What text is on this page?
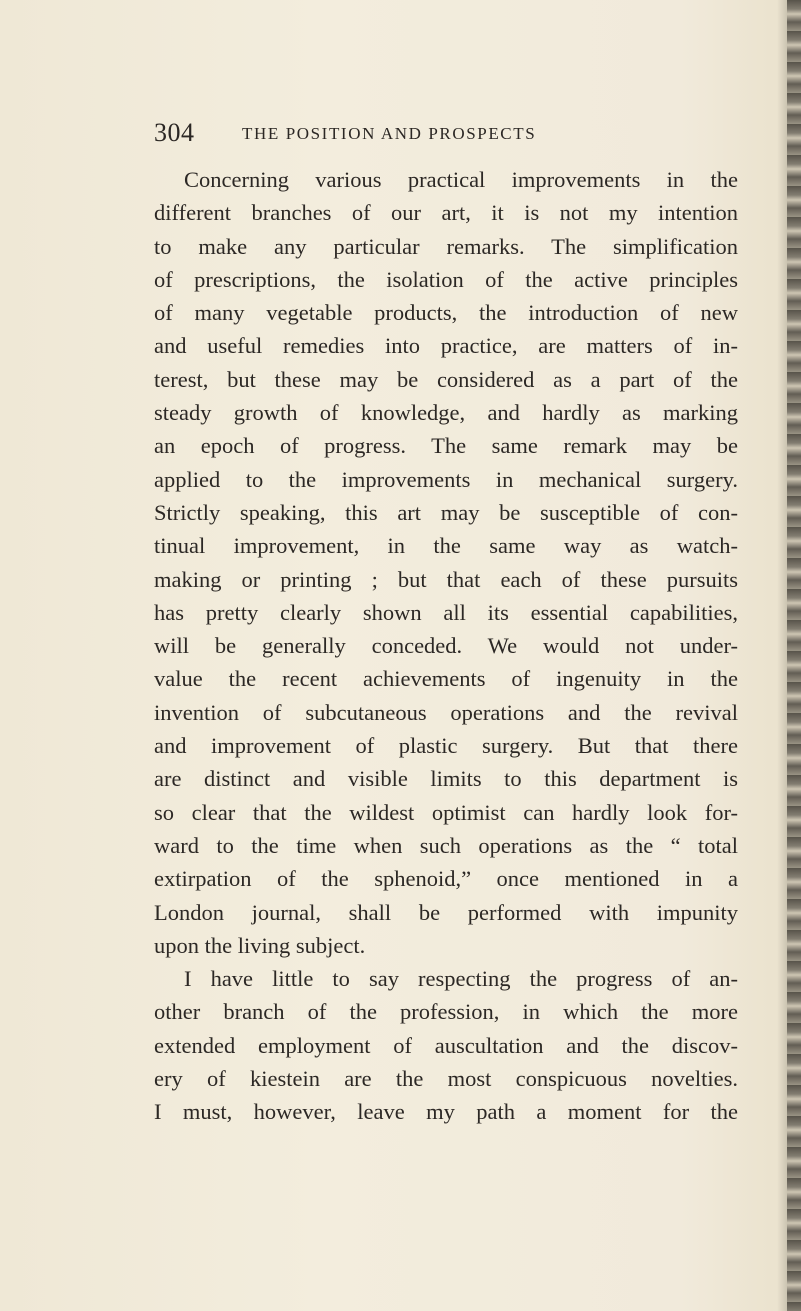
304	THE POSITION AND PROSPECTS
Concerning various practical improvements in the
different branches of our art, it is not my intention
to make any particular remarks. The simplification
of prescriptions, the isolation of the active principles
of many vegetable products, the introduction of new
and useful remedies into practice, are matters of in-
terest, but these may be considered as a part of the
steady growth of knowledge, and hardly as marking
an epoch of progress. The same remark may be
applied to the improvements in mechanical surgery.
Strictly speaking, this art may be susceptible of con-
tinual improvement, in the same way as watch-
making or printing ; but that each of these pursuits
has pretty clearly shown all its essential capabilities,
will be generally conceded. We would not under-
value the recent achievements of ingenuity in the
invention of subcutaneous operations and the revival
and improvement of plastic surgery. But that there
are distinct and visible limits to this department is
so clear that the wildest optimist can hardly look for-
ward to the time when such operations as the “ total
extirpation of the sphenoid,” once mentioned in a
London journal, shall be performed with impunity
upon the living subject.
I have little to say respecting the progress of an-
other branch of the profession, in which the more
extended employment of auscultation and the discov-
ery of kiestein are the most conspicuous novelties.
I must, however, leave my path a moment for the
